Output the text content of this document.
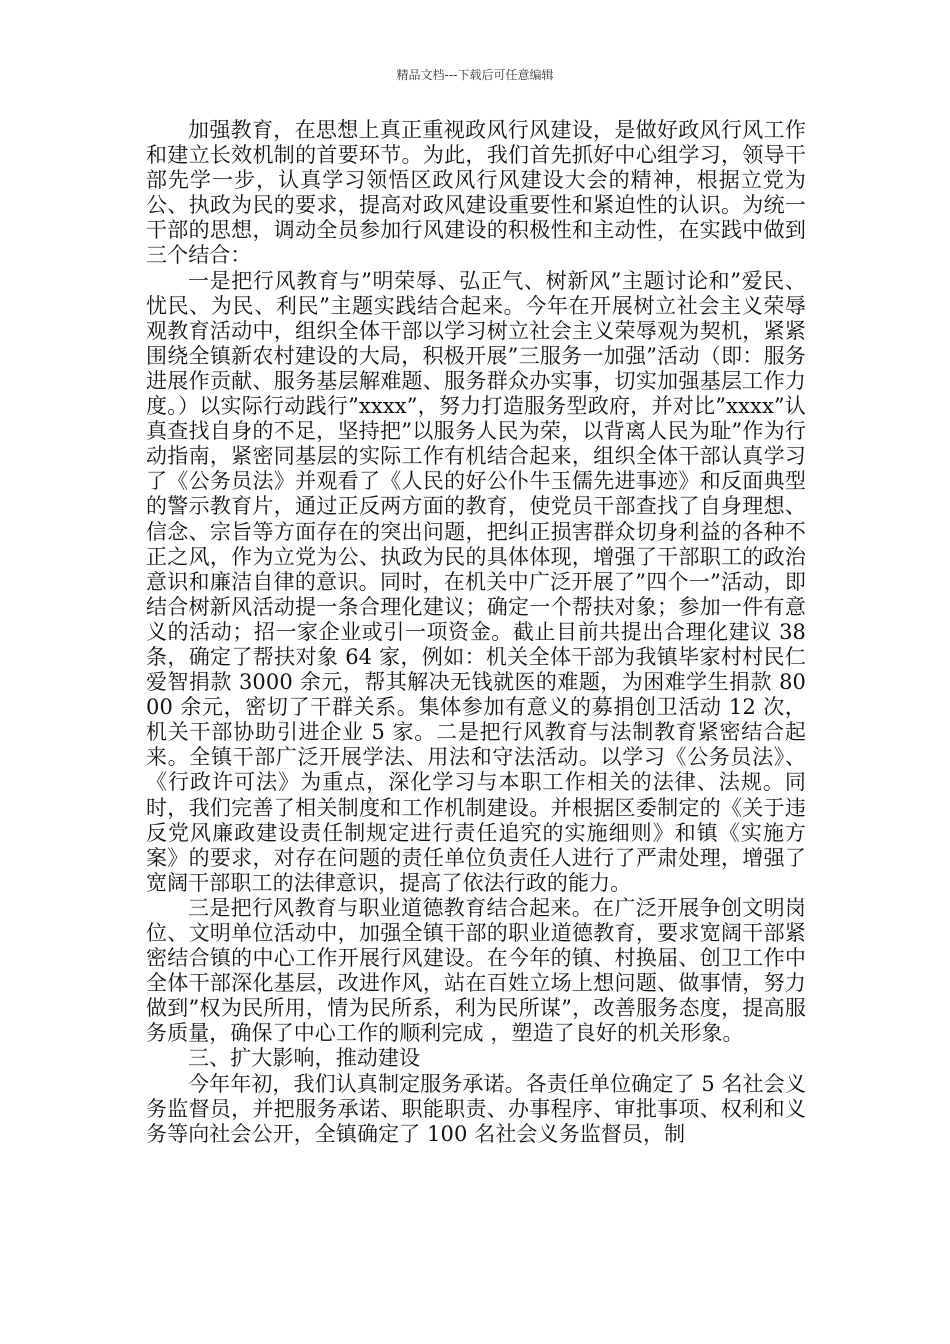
精品文档---下载后可任意编辑

加强教育，在思想上真正重视政风行风建设，是做好政风行风工作和建立长效机制的首要环节。为此，我们首先抓好中心组学习，领导干部先学一步，认真学习领悟区政风行风建设大会的精神，根据立党为公、执政为民的要求，提高对政风建设重要性和紧迫性的认识。为统一干部的思想，调动全员参加行风建设的积极性和主动性，在实践中做到三个结合：

一是把行风教育与”明荣辱、弘正气、树新风”主题讨论和”爱民、忧民、为民、利民”主题实践结合起来。今年在开展树立社会主义荣辱观教育活动中，组织全体干部以学习树立社会主义荣辱观为契机，紧紧围绕全镇新农村建设的大局，积极开展”三服务一加强”活动（即：服务进展作贡献、服务基层解难题、服务群众办实事，切实加强基层工作力度。）以实际行动践行”xxxx”，努力打造服务型政府，并对比”xxxx”认真查找自身的不足，坚持把”以服务人民为荣，以背离人民为耻”作为行动指南，紧密同基层的实际工作有机结合起来，组织全体干部认真学习了《公务员法》并观看了《人民的好公仆牛玉儒先进事迹》和反面典型的警示教育片，通过正反两方面的教育，使党员干部查找了自身理想、信念、宗旨等方面存在的突出问题，把纠正损害群众切身利益的各种不正之风，作为立党为公、执政为民的具体体现，增强了干部职工的政治意识和廉洁自律的意识。同时，在机关中广泛开展了”四个一”活动，即结合树新风活动提一条合理化建议；确定一个帮扶对象；参加一件有意义的活动；招一家企业或引一项资金。截止目前共提出合理化建议 38 条，确定了帮扶对象 64 家，例如：机关全体干部为我镇毕家村村民仁爱智捐款 3000 余元，帮其解决无钱就医的难题，为困难学生捐款 8000 余元，密切了干群关系。集体参加有意义的募捐创卫活动 12 次，机关干部协助引进企业 5 家。二是把行风教育与法制教育紧密结合起来。全镇干部广泛开展学法、用法和守法活动。以学习《公务员法》、《行政许可法》为重点，深化学习与本职工作相关的法律、法规。同时，我们完善了相关制度和工作机制建设。并根据区委制定的《关于违反党风廉政建设责任制规定进行责任追究的实施细则》和镇《实施方案》的要求，对存在问题的责任单位负责任人进行了严肃处理，增强了宽阔干部职工的法律意识，提高了依法行政的能力。

三是把行风教育与职业道德教育结合起来。在广泛开展争创文明岗位、文明单位活动中，加强全镇干部的职业道德教育，要求宽阔干部紧密结合镇的中心工作开展行风建设。在今年的镇、村换届、创卫工作中全体干部深化基层，改进作风，站在百姓立场上想问题、做事情，努力做到”权为民所用，情为民所系，利为民所谋”，改善服务态度，提高服务质量，确保了中心工作的顺利完成 ，塑造了良好的机关形象。

三、扩大影响，推动建设

今年年初，我们认真制定服务承诺。各责任单位确定了 5 名社会义务监督员，并把服务承诺、职能职责、办事程序、审批事项、权利和义务等向社会公开，全镇确定了 100 名社会义务监督员，制
